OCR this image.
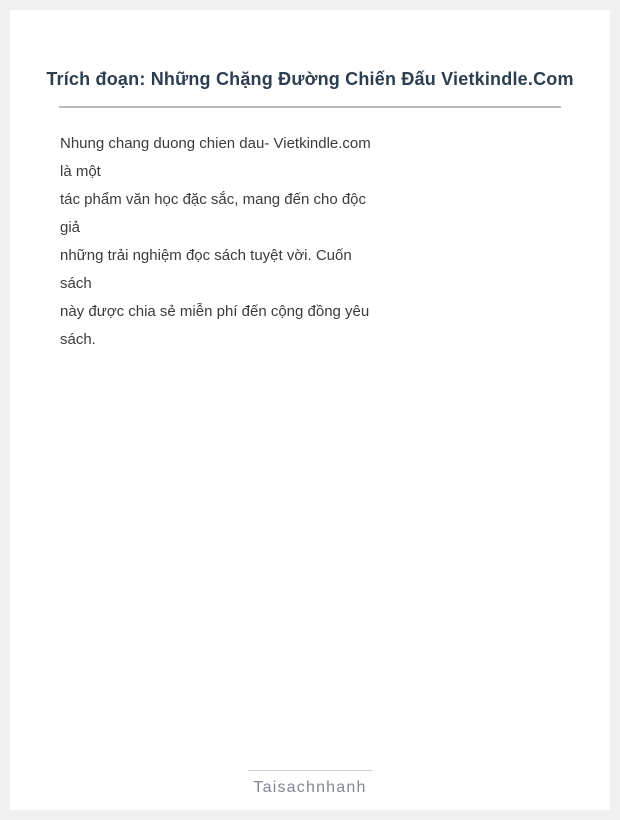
Trích đoạn: Những Chặng Đường Chiến Đấu Vietkindle.Com
Nhung chang duong chien dau- Vietkindle.com
là một
tác phẩm văn học đặc sắc, mang đến cho độc
giả
những trải nghiệm đọc sách tuyệt vời. Cuốn
sách
này được chia sẻ miễn phí đến cộng đồng yêu
sách.
Taisachnhanh
